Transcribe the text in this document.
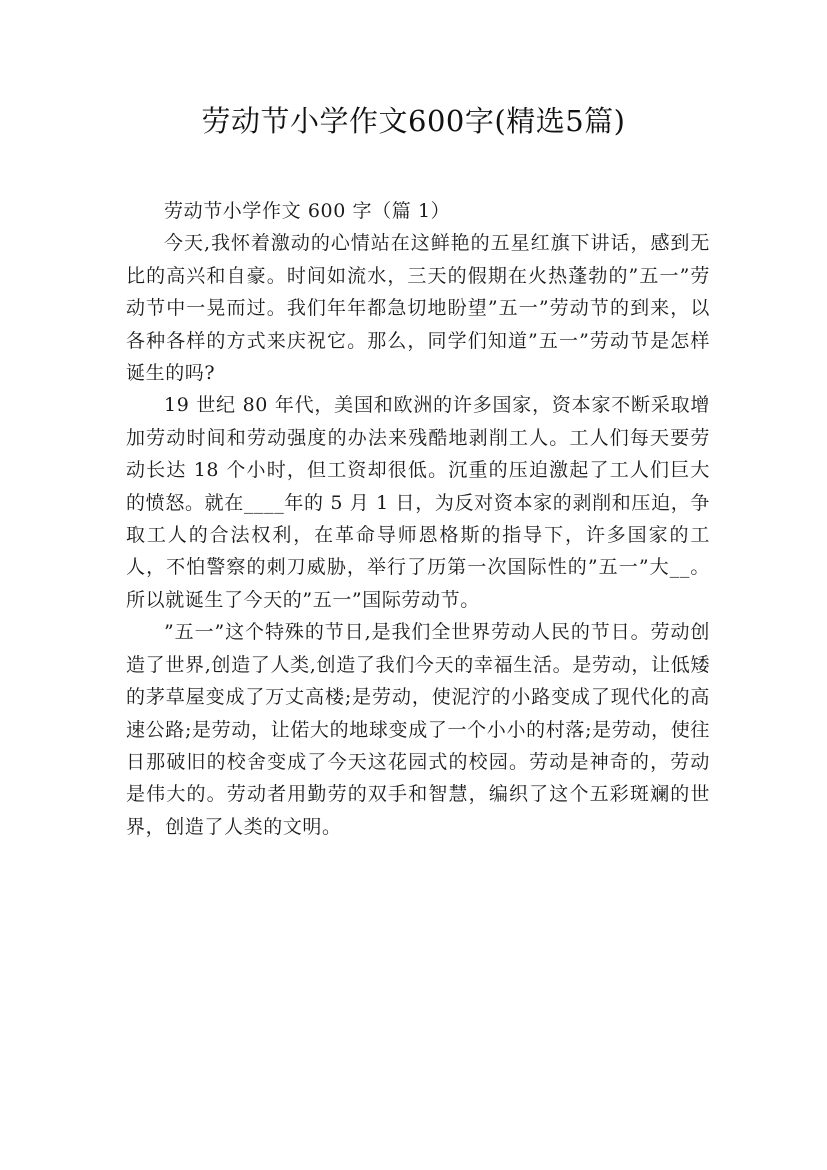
劳动节小学作文600字(精选5篇)

劳动节小学作文 600 字（篇 1）

今天,我怀着激动的心情站在这鲜艳的五星红旗下讲话，感到无比的高兴和自豪。时间如流水，三天的假期在火热蓬勃的”五一”劳动节中一晃而过。我们年年都急切地盼望”五一”劳动节的到来，以各种各样的方式来庆祝它。那么，同学们知道”五一”劳动节是怎样诞生的吗?

19 世纪 80 年代，美国和欧洲的许多国家，资本家不断采取增加劳动时间和劳动强度的办法来残酷地剥削工人。工人们每天要劳动长达 18 个小时，但工资却很低。沉重的压迫激起了工人们巨大的愤怒。就在____年的 5 月 1 日，为反对资本家的剥削和压迫，争取工人的合法权利，在革命导师恩格斯的指导下，许多国家的工人，不怕警察的刺刀威胁，举行了历第一次国际性的”五一”大__。所以就诞生了今天的”五一”国际劳动节。

”五一”这个特殊的节日,是我们全世界劳动人民的节日。劳动创造了世界,创造了人类,创造了我们今天的幸福生活。是劳动，让低矮的茅草屋变成了万丈高楼;是劳动，使泥泞的小路变成了现代化的高速公路;是劳动，让偌大的地球变成了一个小小的村落;是劳动，使往日那破旧的校舍变成了今天这花园式的校园。劳动是神奇的，劳动是伟大的。劳动者用勤劳的双手和智慧，编织了这个五彩斑斓的世界，创造了人类的文明。
